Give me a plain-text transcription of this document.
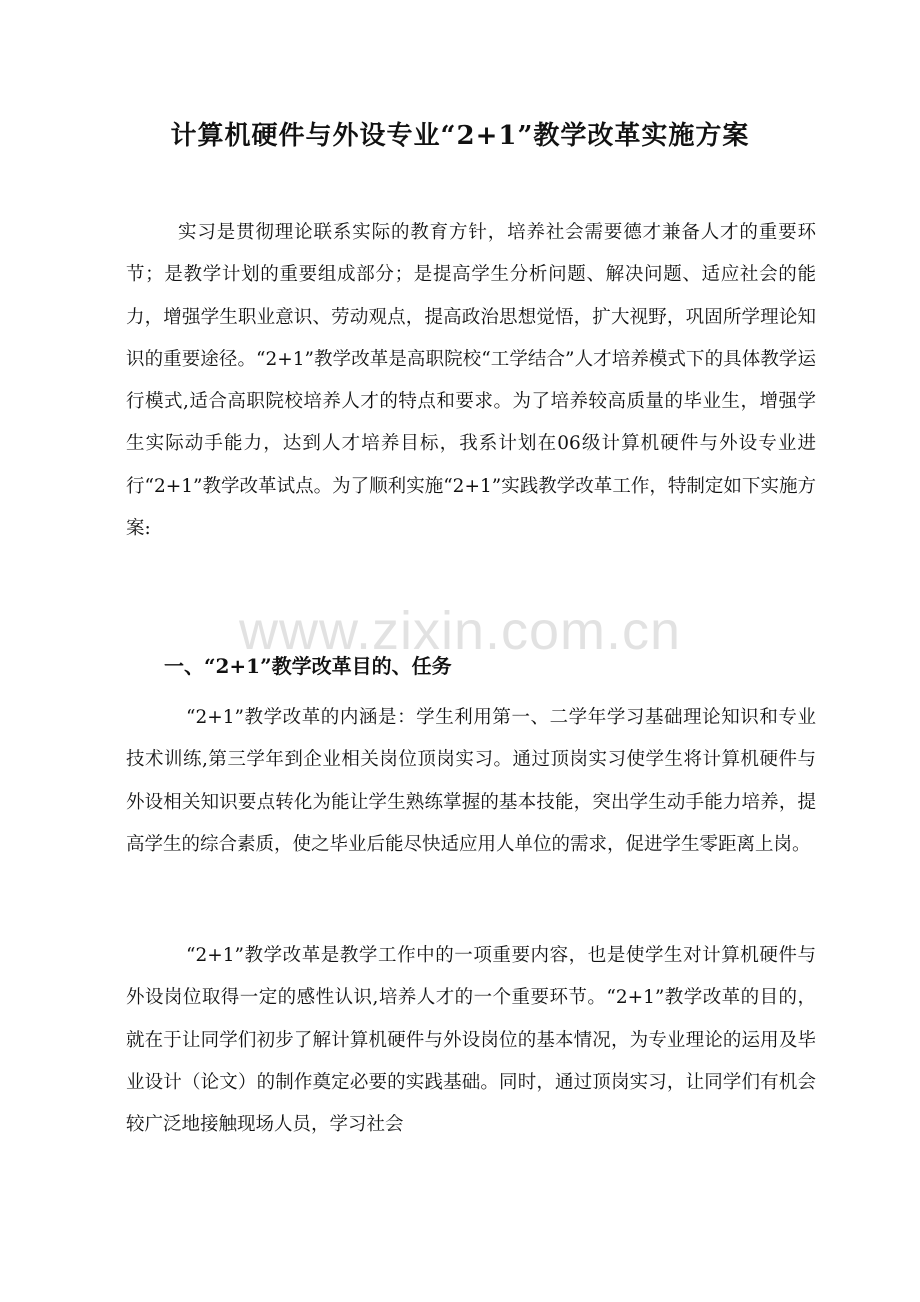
计算机硬件与外设专业“2+1”教学改革实施方案
实习是贯彻理论联系实际的教育方针，培养社会需要德才兼备人才的重要环节；是教学计划的重要组成部分；是提高学生分析问题、解决问题、适应社会的能力，增强学生职业意识、劳动观点，提高政治思想觉悟，扩大视野，巩固所学理论知识的重要途径。“2+1”教学改革是高职院校“工学结合”人才培养模式下的具体教学运行模式,适合高职院校培养人才的特点和要求。为了培养较高质量的毕业生，增强学生实际动手能力，达到人才培养目标，我系计划在06级计算机硬件与外设专业进行“2+1”教学改革试点。为了顺利实施“2+1”实践教学改革工作，特制定如下实施方案:
一、“2+1”教学改革目的、任务
“2+1”教学改革的内涵是：学生利用第一、二学年学习基础理论知识和专业技术训练,第三学年到企业相关岗位顶岗实习。通过顶岗实习使学生将计算机硬件与外设相关知识要点转化为能让学生熟练掌握的基本技能，突出学生动手能力培养，提高学生的综合素质，使之毕业后能尽快适应用人单位的需求，促进学生零距离上岗。
“2+1”教学改革是教学工作中的一项重要内容，也是使学生对计算机硬件与外设岗位取得一定的感性认识,培养人才的一个重要环节。“2+1”教学改革的目的，就在于让同学们初步了解计算机硬件与外设岗位的基本情况，为专业理论的运用及毕业设计（论文）的制作奠定必要的实践基础。同时，通过顶岗实习，让同学们有机会较广泛地接触现场人员，学习社会
www.zixin.com.cn
